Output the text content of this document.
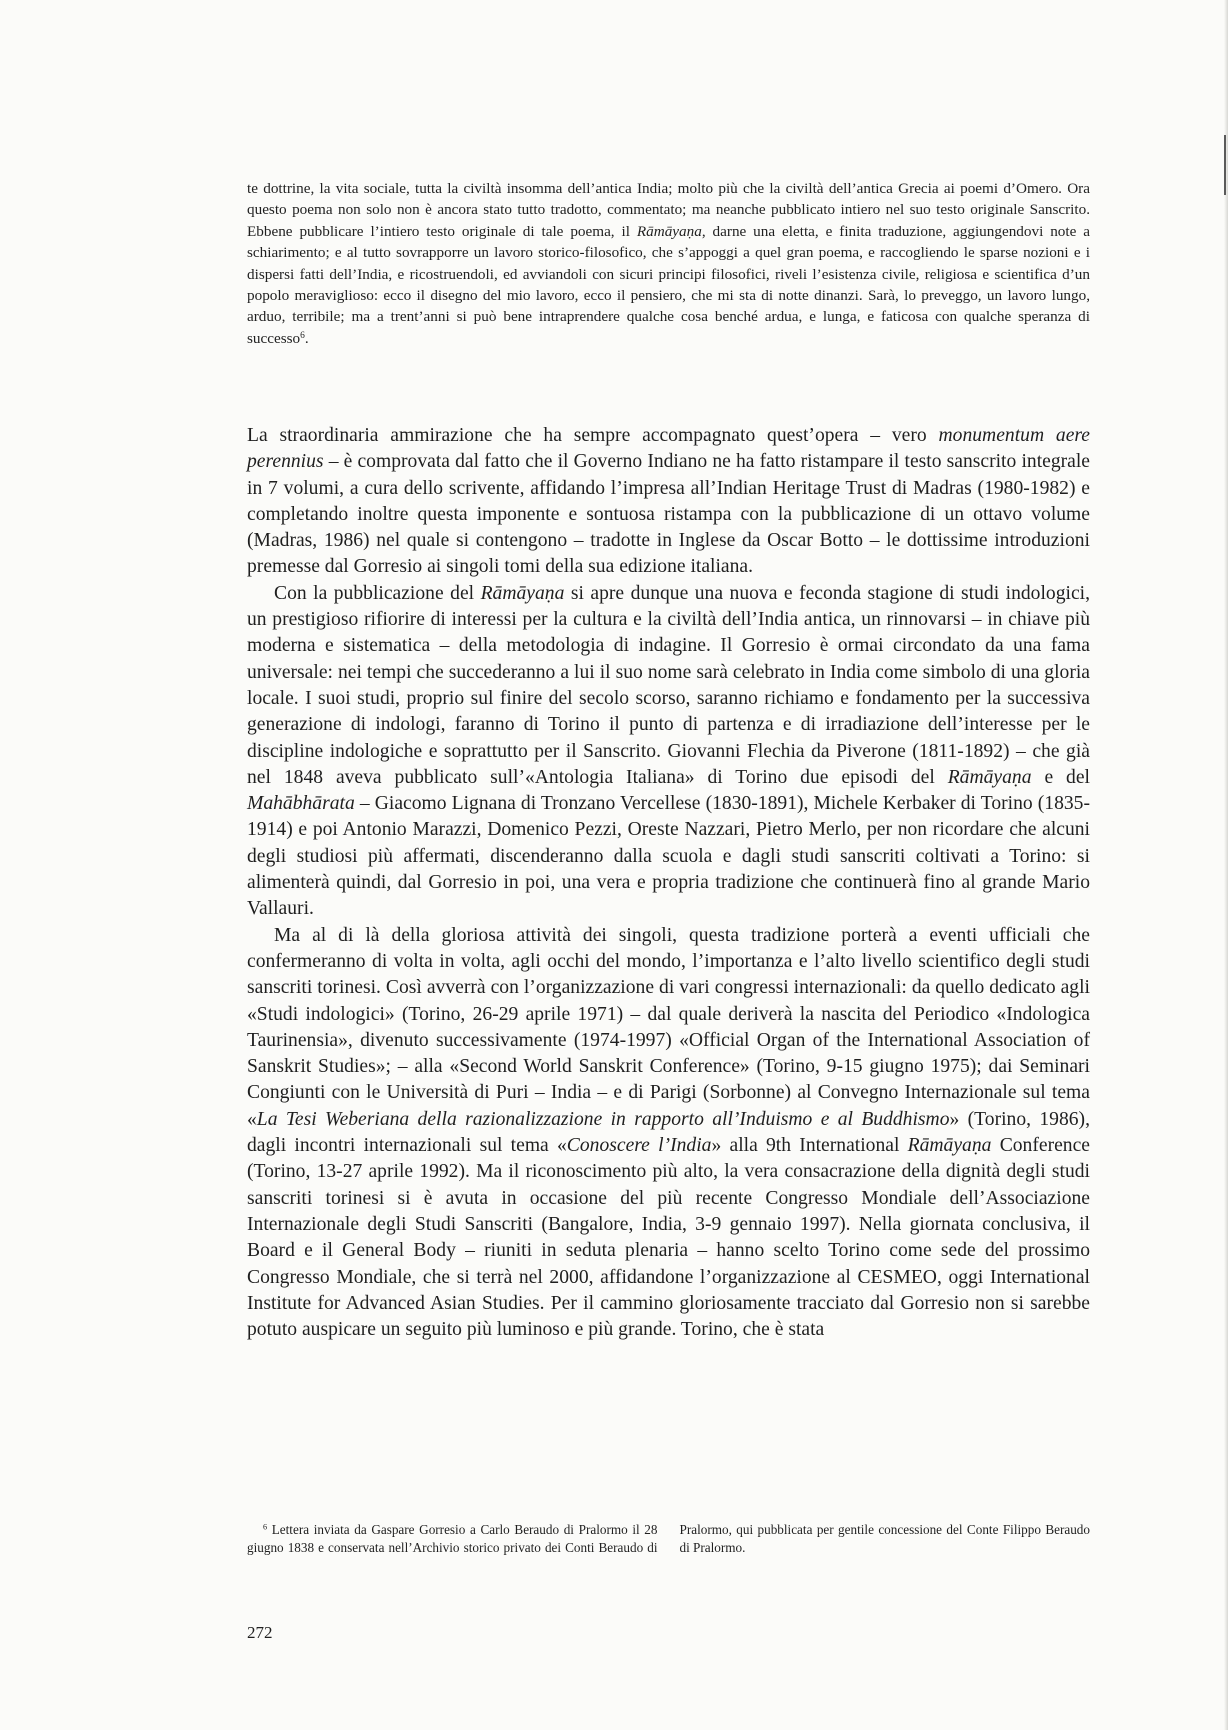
te dottrine, la vita sociale, tutta la civiltà insomma dell’antica India; molto più che la civiltà dell’antica Grecia ai poemi d’Omero. Ora questo poema non solo non è ancora stato tutto tradotto, commentato; ma neanche pubblicato intiero nel suo testo originale Sanscrito. Ebbene pubblicare l’intiero testo originale di tale poema, il Rāmāyaṇa, darne una eletta, e finita traduzione, aggiungendovi note a schiarimento; e al tutto sovrapporre un lavoro storico-filosofico, che s’appoggi a quel gran poema, e raccogliendo le sparse nozioni e i dispersi fatti dell’India, e ricostruendoli, ed avviandoli con sicuri principi filosofici, riveli l’esistenza civile, religiosa e scientifica d’un popolo meraviglioso: ecco il disegno del mio lavoro, ecco il pensiero, che mi sta di notte dinanzi. Sarà, lo preveggo, un lavoro lungo, arduo, terribile; ma a trent’anni si può bene intraprendere qualche cosa benché ardua, e lunga, e faticosa con qualche speranza di successo$^6$.

La straordinaria ammirazione che ha sempre accompagnato quest’opera – vero monumentum aere perennius – è comprovata dal fatto che il Governo Indiano ne ha fatto ristampare il testo sanscrito integrale in 7 volumi, a cura dello scrivente, affidando l’impresa all’Indian Heritage Trust di Madras (1980-1982) e completando inoltre questa imponente e sontuosa ristampa con la pubblicazione di un ottavo volume (Madras, 1986) nel quale si contengono – tradotte in Inglese da Oscar Botto – le dottissime introduzioni premesse dal Gorresio ai singoli tomi della sua edizione italiana.

Con la pubblicazione del Rāmāyaṇa si apre dunque una nuova e feconda stagione di studi indologici, un prestigioso rifiorire di interessi per la cultura e la civiltà dell’India antica, un rinnovarsi – in chiave più moderna e sistematica – della metodologia di indagine. Il Gorresio è ormai circondato da una fama universale: nei tempi che succederanno a lui il suo nome sarà celebrato in India come simbolo di una gloria locale. I suoi studi, proprio sul finire del secolo scorso, saranno richiamo e fondamento per la successiva generazione di indologi, faranno di Torino il punto di partenza e di irradiazione dell’interesse per le discipline indologiche e soprattutto per il Sanscrito. Giovanni Flechia da Piverone (1811-1892) – che già nel 1848 aveva pubblicato sull’«Antologia Italiana» di Torino due episodi del Rāmāyaṇa e del Mahābhārata – Giacomo Lignana di Tronzano Vercellese (1830-1891), Michele Kerbaker di Torino (1835-1914) e poi Antonio Marazzi, Domenico Pezzi, Oreste Nazzari, Pietro Merlo, per non ricordare che alcuni degli studiosi più affermati, discenderanno dalla scuola e dagli studi sanscriti coltivati a Torino: si alimenterà quindi, dal Gorresio in poi, una vera e propria tradizione che continuerà fino al grande Mario Vallauri.

Ma al di là della gloriosa attività dei singoli, questa tradizione porterà a eventi ufficiali che confermeranno di volta in volta, agli occhi del mondo, l’importanza e l’alto livello scientifico degli studi sanscriti torinesi. Così avverrà con l’organizzazione di vari congressi internazionali: da quello dedicato agli «Studi indologici» (Torino, 26-29 aprile 1971) – dal quale deriverà la nascita del Periodico «Indologica Taurinensia», divenuto successivamente (1974-1997) «Official Organ of the International Association of Sanskrit Studies»; – alla «Second World Sanskrit Conference» (Torino, 9-15 giugno 1975); dai Seminari Congiunti con le Università di Puri – India – e di Parigi (Sorbonne) al Convegno Internazionale sul tema «La Tesi Weberiana della razionalizzazione in rapporto all’Induismo e al Buddhismo» (Torino, 1986), dagli incontri internazionali sul tema «Conoscere l’India» alla 9th International Rāmāyaṇa Conference (Torino, 13-27 aprile 1992). Ma il riconoscimento più alto, la vera consacrazione della dignità degli studi sanscriti torinesi si è avuta in occasione del più recente Congresso Mondiale dell’Associazione Internazionale degli Studi Sanscriti (Bangalore, India, 3-9 gennaio 1997). Nella giornata conclusiva, il Board e il General Body – riuniti in seduta plenaria – hanno scelto Torino come sede del prossimo Congresso Mondiale, che si terrà nel 2000, affidandone l’organizzazione al CESMEO, oggi International Institute for Advanced Asian Studies. Per il cammino gloriosamente tracciato dal Gorresio non si sarebbe potuto auspicare un seguito più luminoso e più grande. Torino, che è stata

$^6$ Lettera inviata da Gaspare Gorresio a Carlo Beraudo di Pralormo il 28 giugno 1838 e conservata nell’Archivio storico privato dei Conti Beraudo di Pralormo, qui pubblicata per gentile concessione del Conte Filippo Beraudo di Pralormo.

272
